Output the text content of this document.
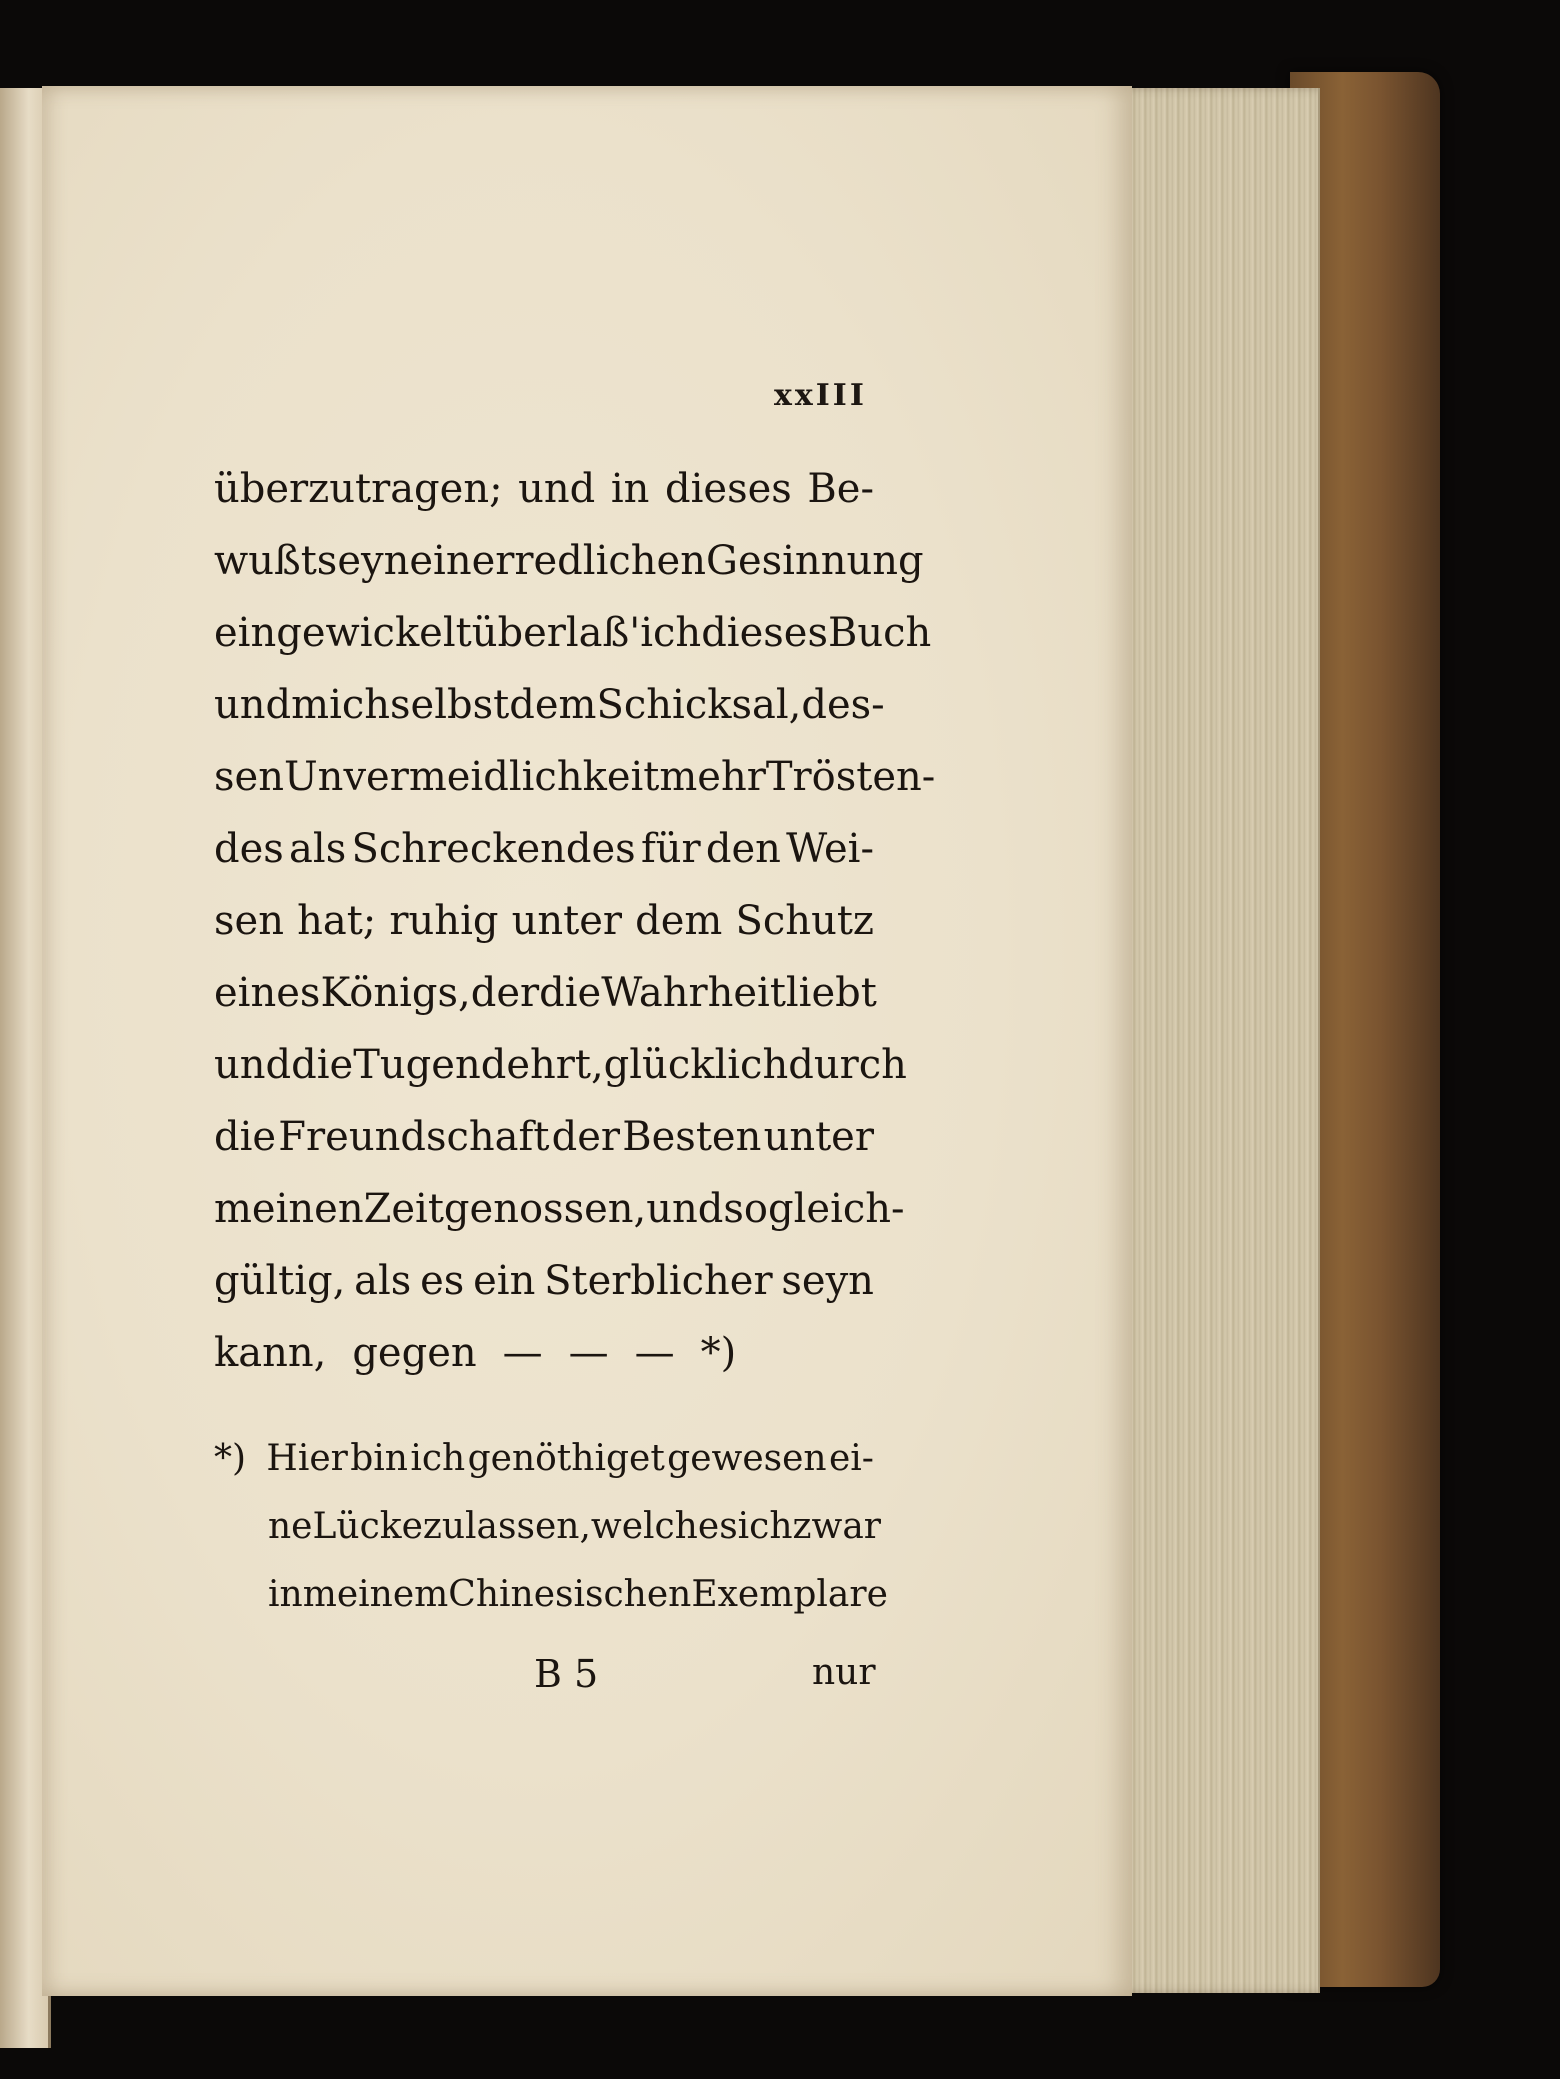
xxIII

überzutragen; und in dieses Be-
wußtseyn einer redlichen Gesinnung
eingewickelt überlaß' ich dieses Buch
und mich selbst dem Schicksal, des-
sen Unvermeidlichkeit mehr Trösten-
des als Schreckendes für den Wei-
sen hat; ruhig unter dem Schutz
eines Königs, der die Wahrheit liebt
und die Tugend ehrt, glücklich durch
die Freundschaft der Besten unter
meinen Zeitgenossen, und so gleich-
gültig, als es ein Sterblicher seyn
kann, gegen — — — *)
*) Hier bin ich genöthiget gewesen ei-
ne Lücke zu lassen, welche sich zwar
in meinem Chinesischen Exemplare
B 5	nur
